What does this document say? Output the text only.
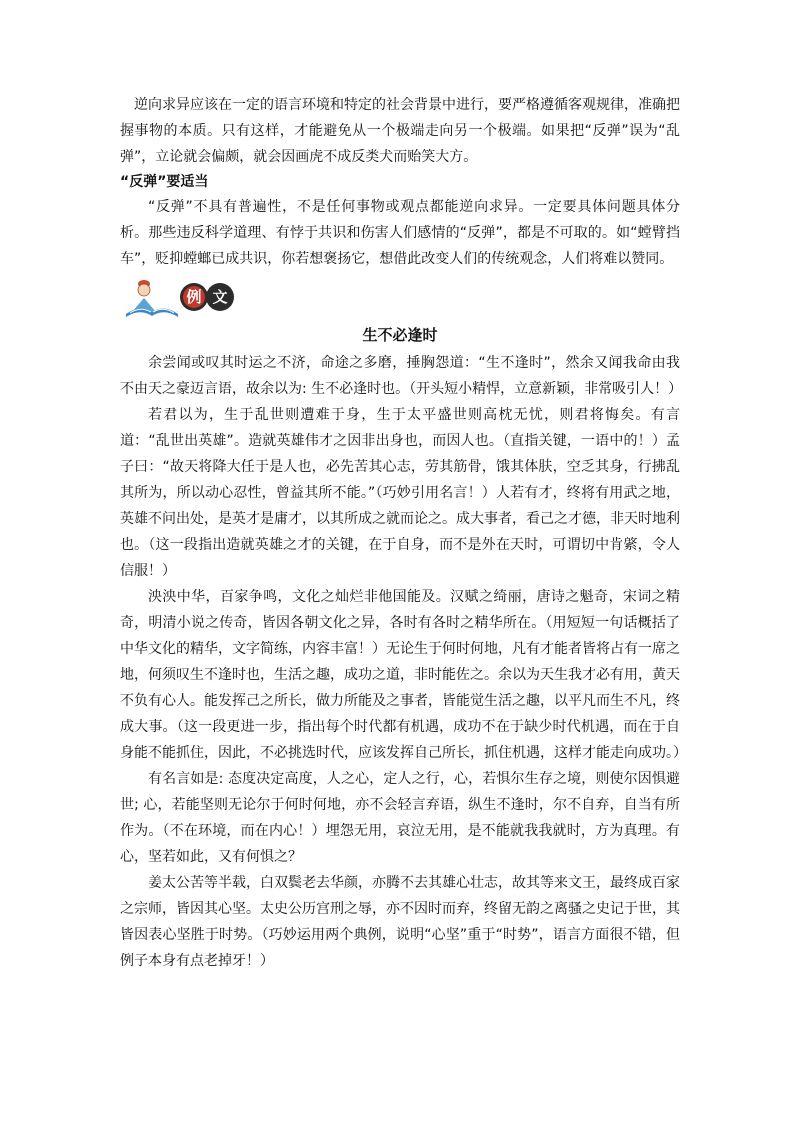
逆向求异应该在一定的语言环境和特定的社会背景中进行，要严格遵循客观规律，准确把握事物的本质。只有这样，才能避免从一个极端走向另一个极端。如果把“反弹”误为“乱弹”，立论就会偏颇，就会因画虎不成反类犬而贻笑大方。

“反弹”要适当

“反弹”不具有普遍性，不是任何事物或观点都能逆向求异。一定要具体问题具体分析。那些违反科学道理、有悖于共识和伤害人们感情的“反弹”，都是不可取的。如“螳臂挡车”，贬抑螳螂已成共识，你若想褒扬它，想借此改变人们的传统观念，人们将难以赞同。

例 文

生不必逢时

余尝闻或叹其时运之不济，命途之多磨，捶胸怨道：“生不逢时”，然余又闻我命由我不由天之豪迈言语，故余以为: 生不必逢时也。（开头短小精悍，立意新颖，非常吸引人！）

若君以为，生于乱世则遭难于身，生于太平盛世则高枕无忧，则君将悔矣。有言道：“乱世出英雄”。造就英雄伟才之因非出身也，而因人也。（直指关键，一语中的！）孟子曰：“故天将降大任于是人也，必先苦其心志，劳其筋骨，饿其体肤，空乏其身，行拂乱其所为，所以动心忍性，曾益其所不能。”（巧妙引用名言！）人若有才，终将有用武之地，英雄不问出处，是英才是庸才，以其所成之就而论之。成大事者，看己之才德，非天时地利也。（这一段指出造就英雄之才的关键，在于自身，而不是外在天时，可谓切中肯綮，令人信服！）

泱泱中华，百家争鸣，文化之灿烂非他国能及。汉赋之绮丽，唐诗之魁奇，宋词之精奇，明清小说之传奇，皆因各朝文化之异，各时有各时之精华所在。（用短短一句话概括了中华文化的精华，文字简练，内容丰富！）无论生于何时何地，凡有才能者皆将占有一席之地，何须叹生不逢时也，生活之趣，成功之道，非时能佐之。余以为天生我才必有用，黄天不负有心人。能发挥己之所长，做力所能及之事者，皆能觉生活之趣，以平凡而生不凡，终成大事。（这一段更进一步，指出每个时代都有机遇，成功不在于缺少时代机遇，而在于自身能不能抓住，因此，不必挑选时代，应该发挥自己所长，抓住机遇，这样才能走向成功。）

有名言如是: 态度决定高度，人之心，定人之行，心，若惧尔生存之境，则使尔因惧避世; 心，若能坚则无论尔于何时何地，亦不会轻言弃语，纵生不逢时，尔不自弃，自当有所作为。（不在环境，而在内心！）埋怨无用，哀泣无用，是不能就我我就时，方为真理。有心，坚若如此，又有何惧之？

姜太公苦等半载，白双鬓老去华颜，亦腾不去其雄心壮志，故其等来文王，最终成百家之宗师，皆因其心坚。太史公历宫刑之辱，亦不因时而弃，终留无韵之离骚之史记于世，其皆因表心坚胜于时势。（巧妙运用两个典例，说明“心坚”重于“时势”，语言方面很不错，但例子本身有点老掉牙！）
